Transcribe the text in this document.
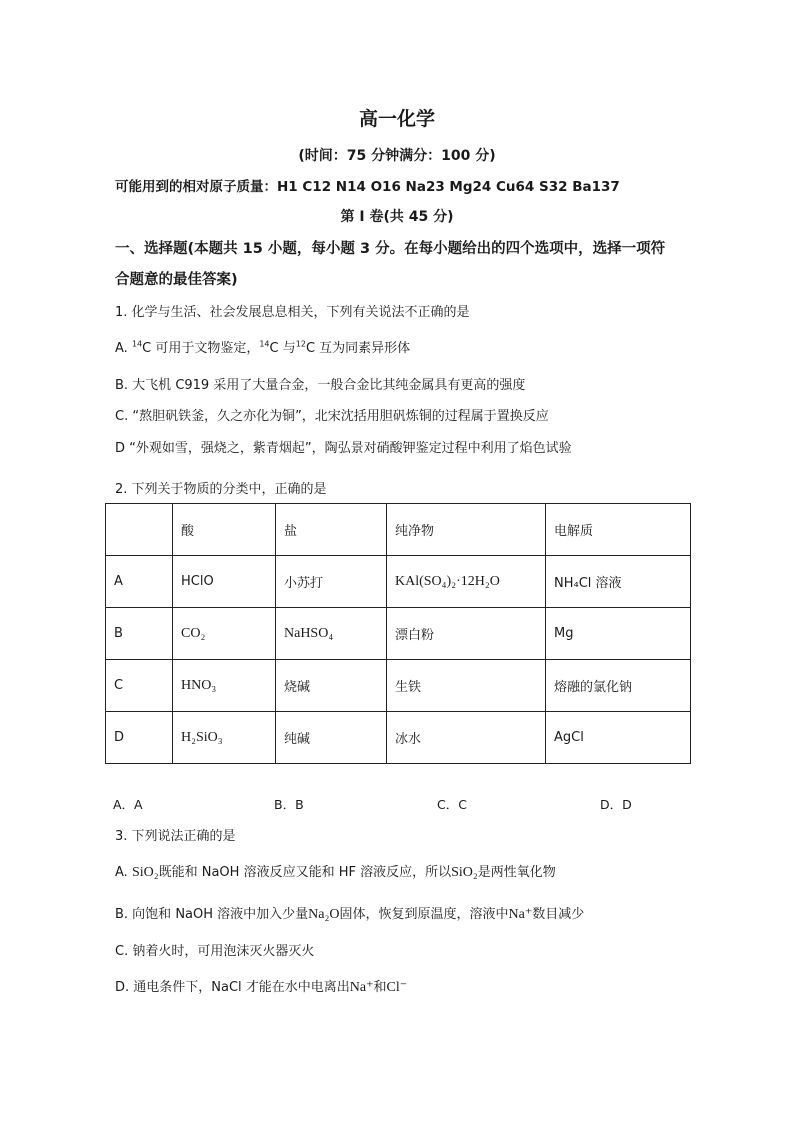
高一化学
(时间：75 分钟满分：100 分)
可能用到的相对原子质量：H1 C12 N14 O16 Na23 Mg24 Cu64 S32 Ba137
第 I 卷(共 45 分)
一、选择题(本题共 15 小题，每小题 3 分。在每小题给出的四个选项中，选择一项符
合题意的最佳答案)
1. 化学与生活、社会发展息息相关，下列有关说法不正确的是
A. $^{14}$C 可用于文物鉴定，$^{14}$C 与$^{12}$C 互为同素异形体
B. 大飞机 C919 采用了大量合金，一般合金比其纯金属具有更高的强度
C. “熬胆矾铁釜，久之亦化为铜”，北宋沈括用胆矾炼铜的过程属于置换反应
D “外观如雪，强烧之，紫青烟起”，陶弘景对硝酸钾鉴定过程中利用了焰色试验
2. 下列关于物质的分类中，正确的是
	酸	盐	纯净物	电解质
A	HClO	小苏打	KAl(SO₄)₂·12H₂O	NH₄Cl 溶液
B	CO₂	NaHSO₄	漂白粉	Mg
C	HNO₃	烧碱	生铁	熔融的氯化钠
D	H₂SiO₃	纯碱	冰水	AgCl
A．A	B．B	C．C	D．D
3. 下列说法正确的是
A. SiO₂既能和 NaOH 溶液反应又能和 HF 溶液反应，所以SiO₂是两性氧化物
B. 向饱和 NaOH 溶液中加入少量Na₂O固体，恢复到原温度，溶液中Na⁺数目减少
C. 钠着火时，可用泡沫灭火器灭火
D. 通电条件下，NaCl 才能在水中电离出Na⁺和Cl⁻
